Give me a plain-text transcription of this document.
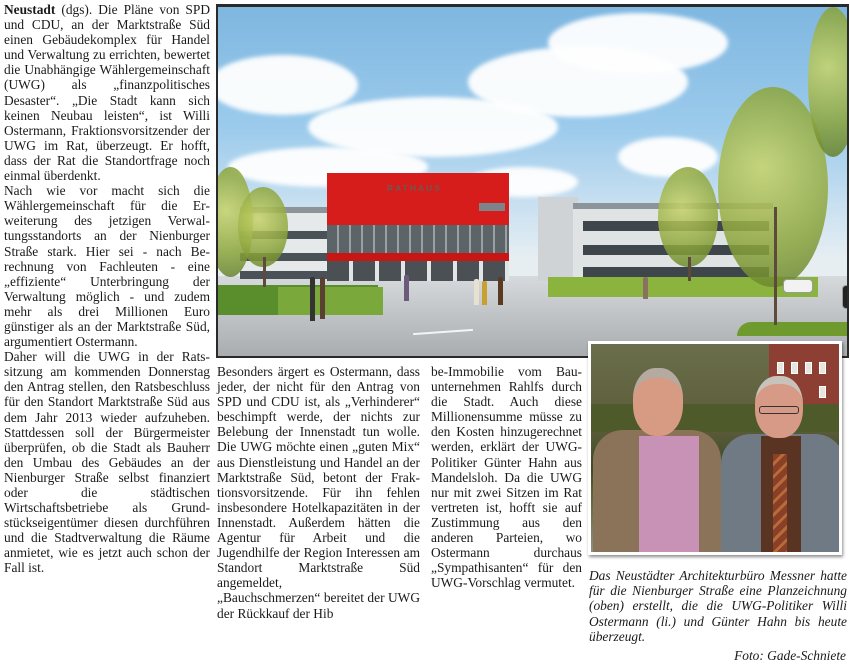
Neustadt (dgs). Die Pläne von SPD und CDU, an der Marktstraße Süd einen Gebäudekomplex für Handel und Verwaltung zu errichten, bewertet die Unabhängige Wählergemeinschaft (UWG) als „finanzpolitisches Desaster“. „Die Stadt kann sich keinen Neubau leisten“, ist Willi Ostermann, Fraktionsvorsitzender der UWG im Rat, überzeugt. Er hofft, dass der Rat die Standortfrage noch einmal überdenkt.

Nach wie vor macht sich die Wählergemeinschaft für die Erweiterung des jetzigen Verwaltungsstandorts an der Nienburger Straße stark. Hier sei - nach Berechnung von Fachleuten - eine „effiziente“ Unterbringung der Verwaltung möglich - und zudem mehr als drei Millionen Euro günstiger als an der Marktstraße Süd, argumentiert Ostermann.

Daher will die UWG in der Ratssitzung am kommenden Donnerstag den Antrag stellen, den Ratsbeschluss für den Standort Marktstraße Süd aus dem Jahr 2013 wieder aufzuheben. Stattdessen soll der Bürgermeister überprüfen, ob die Stadt als Bauherr den Umbau des Gebäudes an der Nienburger Straße selbst finanziert oder die städtischen Wirtschaftsbetriebe als Grundstückseigentümer diesen durchführen und die Stadtverwaltung die Räume anmietet, wie es jetzt auch schon der Fall ist.

RATHAUS

Besonders ärgert es Ostermann, dass jeder, der nicht für den Antrag von SPD und CDU ist, als „Verhinderer“ beschimpft werde, der nichts zur Belebung der Innenstadt tun wolle. Die UWG möchte einen „guten Mix“ aus Dienstleistung und Handel an der Marktstraße Süd, betont der Fraktionsvorsitzende. Für ihn fehlen insbesondere Hotelkapazitäten in der Innenstadt. Außerdem hätten die Agentur für Arbeit und die Jugendhilfe der Region Interessen am Standort Marktstraße Süd angemeldet,

„Bauchschmerzen“ bereitet der UWG der Rückkauf der Hib

be-Immobilie vom Bauunternehmen Rahlfs durch die Stadt. Auch diese Millionensumme müsse zu den Kosten hinzugerechnet werden, erklärt der UWG-Politiker Günter Hahn aus Mandelsloh. Da die UWG nur mit zwei Sitzen im Rat vertreten ist, hofft sie auf Zustimmung aus den anderen Parteien, wo Ostermann durchaus „Sympathisanten“ für den UWG-Vorschlag vermutet.	Das Neustädter Architekturbüro Messner hatte für die Nienburger Straße eine Planzeichnung (oben) erstellt, die die UWG-Politiker Willi Ostermann (li.) und Günter Hahn bis heute überzeugt.
Foto: Gade-Schniete
